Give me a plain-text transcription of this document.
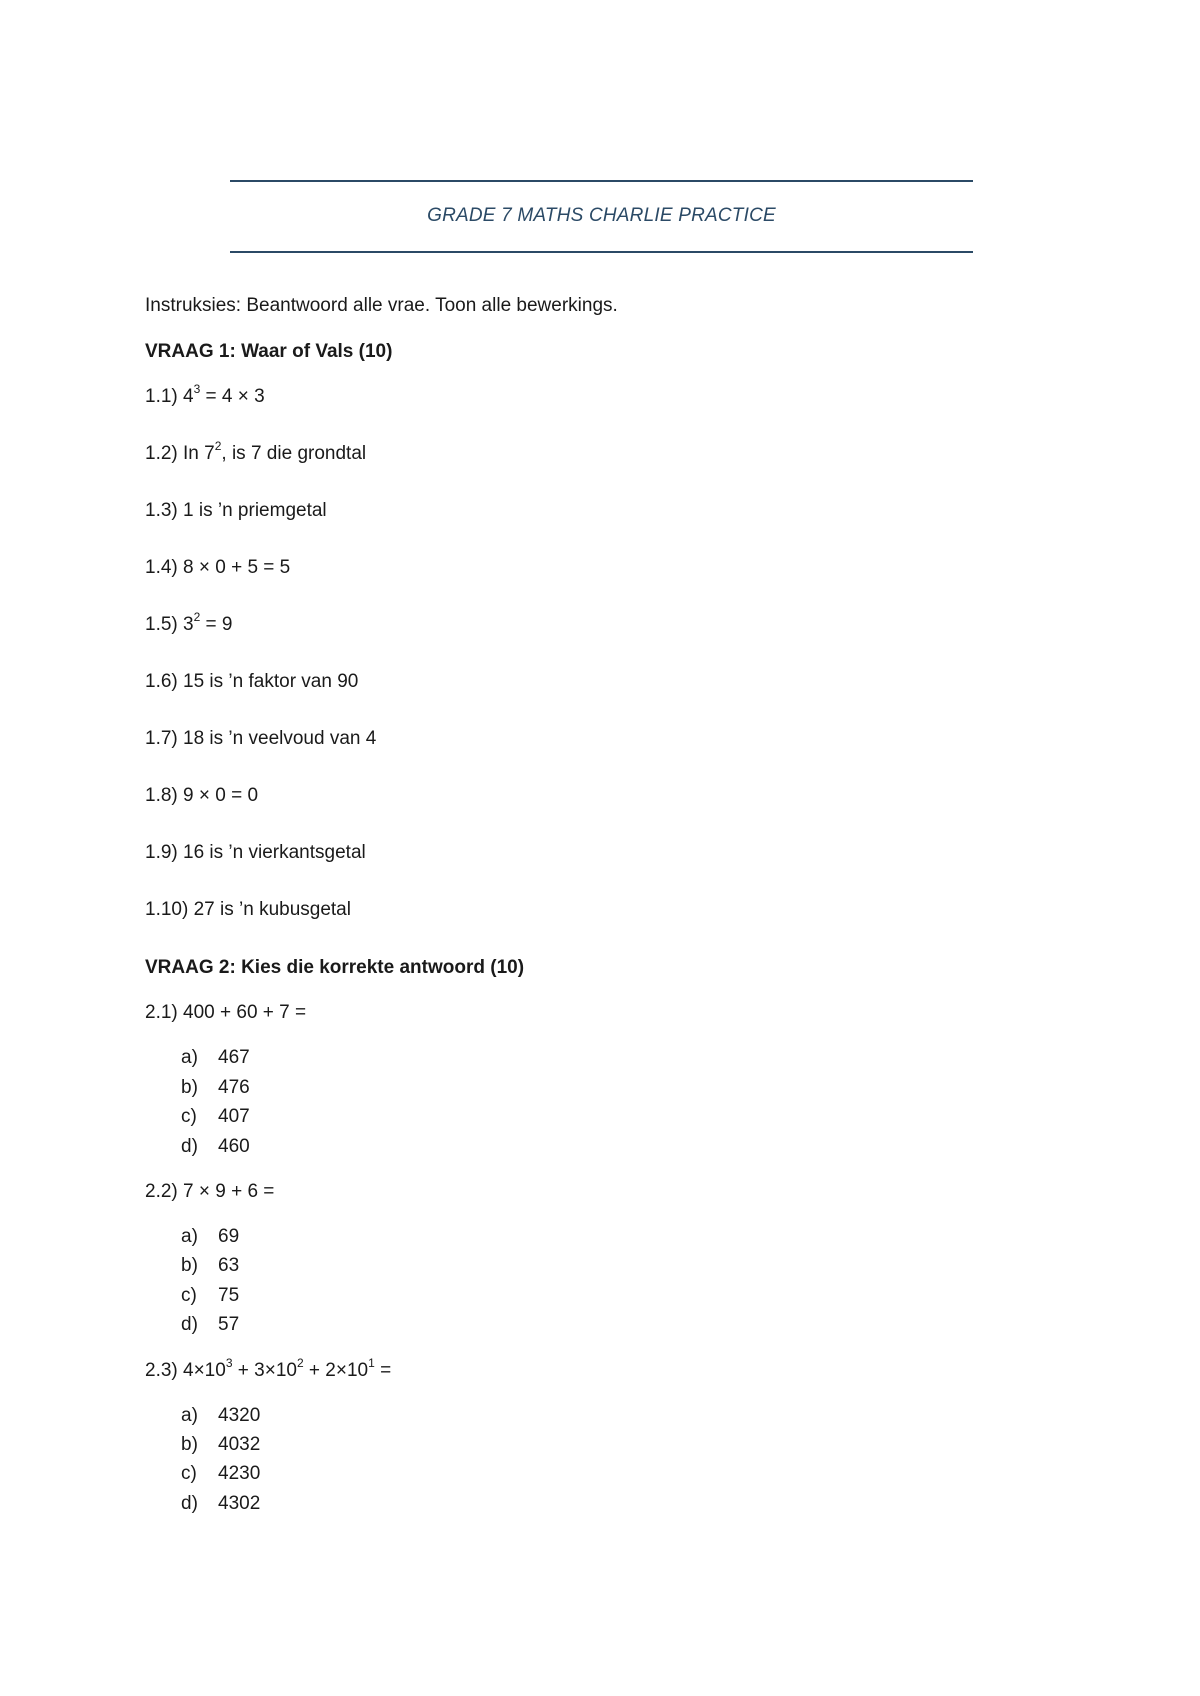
GRADE 7 MATHS CHARLIE PRACTICE
Instruksies: Beantwoord alle vrae. Toon alle bewerkings.
VRAAG 1: Waar of Vals (10)
1.1) $4^3 = 4 \times 3$
1.2) In $7^2$, is 7 die grondtal
1.3) 1 is ’n priemgetal
1.4) 8 × 0 + 5 = 5
1.5) $3^2 = 9$
1.6) 15 is ’n faktor van 90
1.7) 18 is ’n veelvoud van 4
1.8) 9 × 0 = 0
1.9) 16 is ’n vierkantsgetal
1.10) 27 is ’n kubusgetal
VRAAG 2: Kies die korrekte antwoord (10)
2.1) 400 + 60 + 7 =
a) 467
b) 476
c) 407
d) 460
2.2) 7 × 9 + 6 =
a) 69
b) 63
c) 75
d) 57
2.3) $4\times 10^3 + 3\times 10^2 + 2\times 10^1$ =
a) 4320
b) 4032
c) 4230
d) 4302
